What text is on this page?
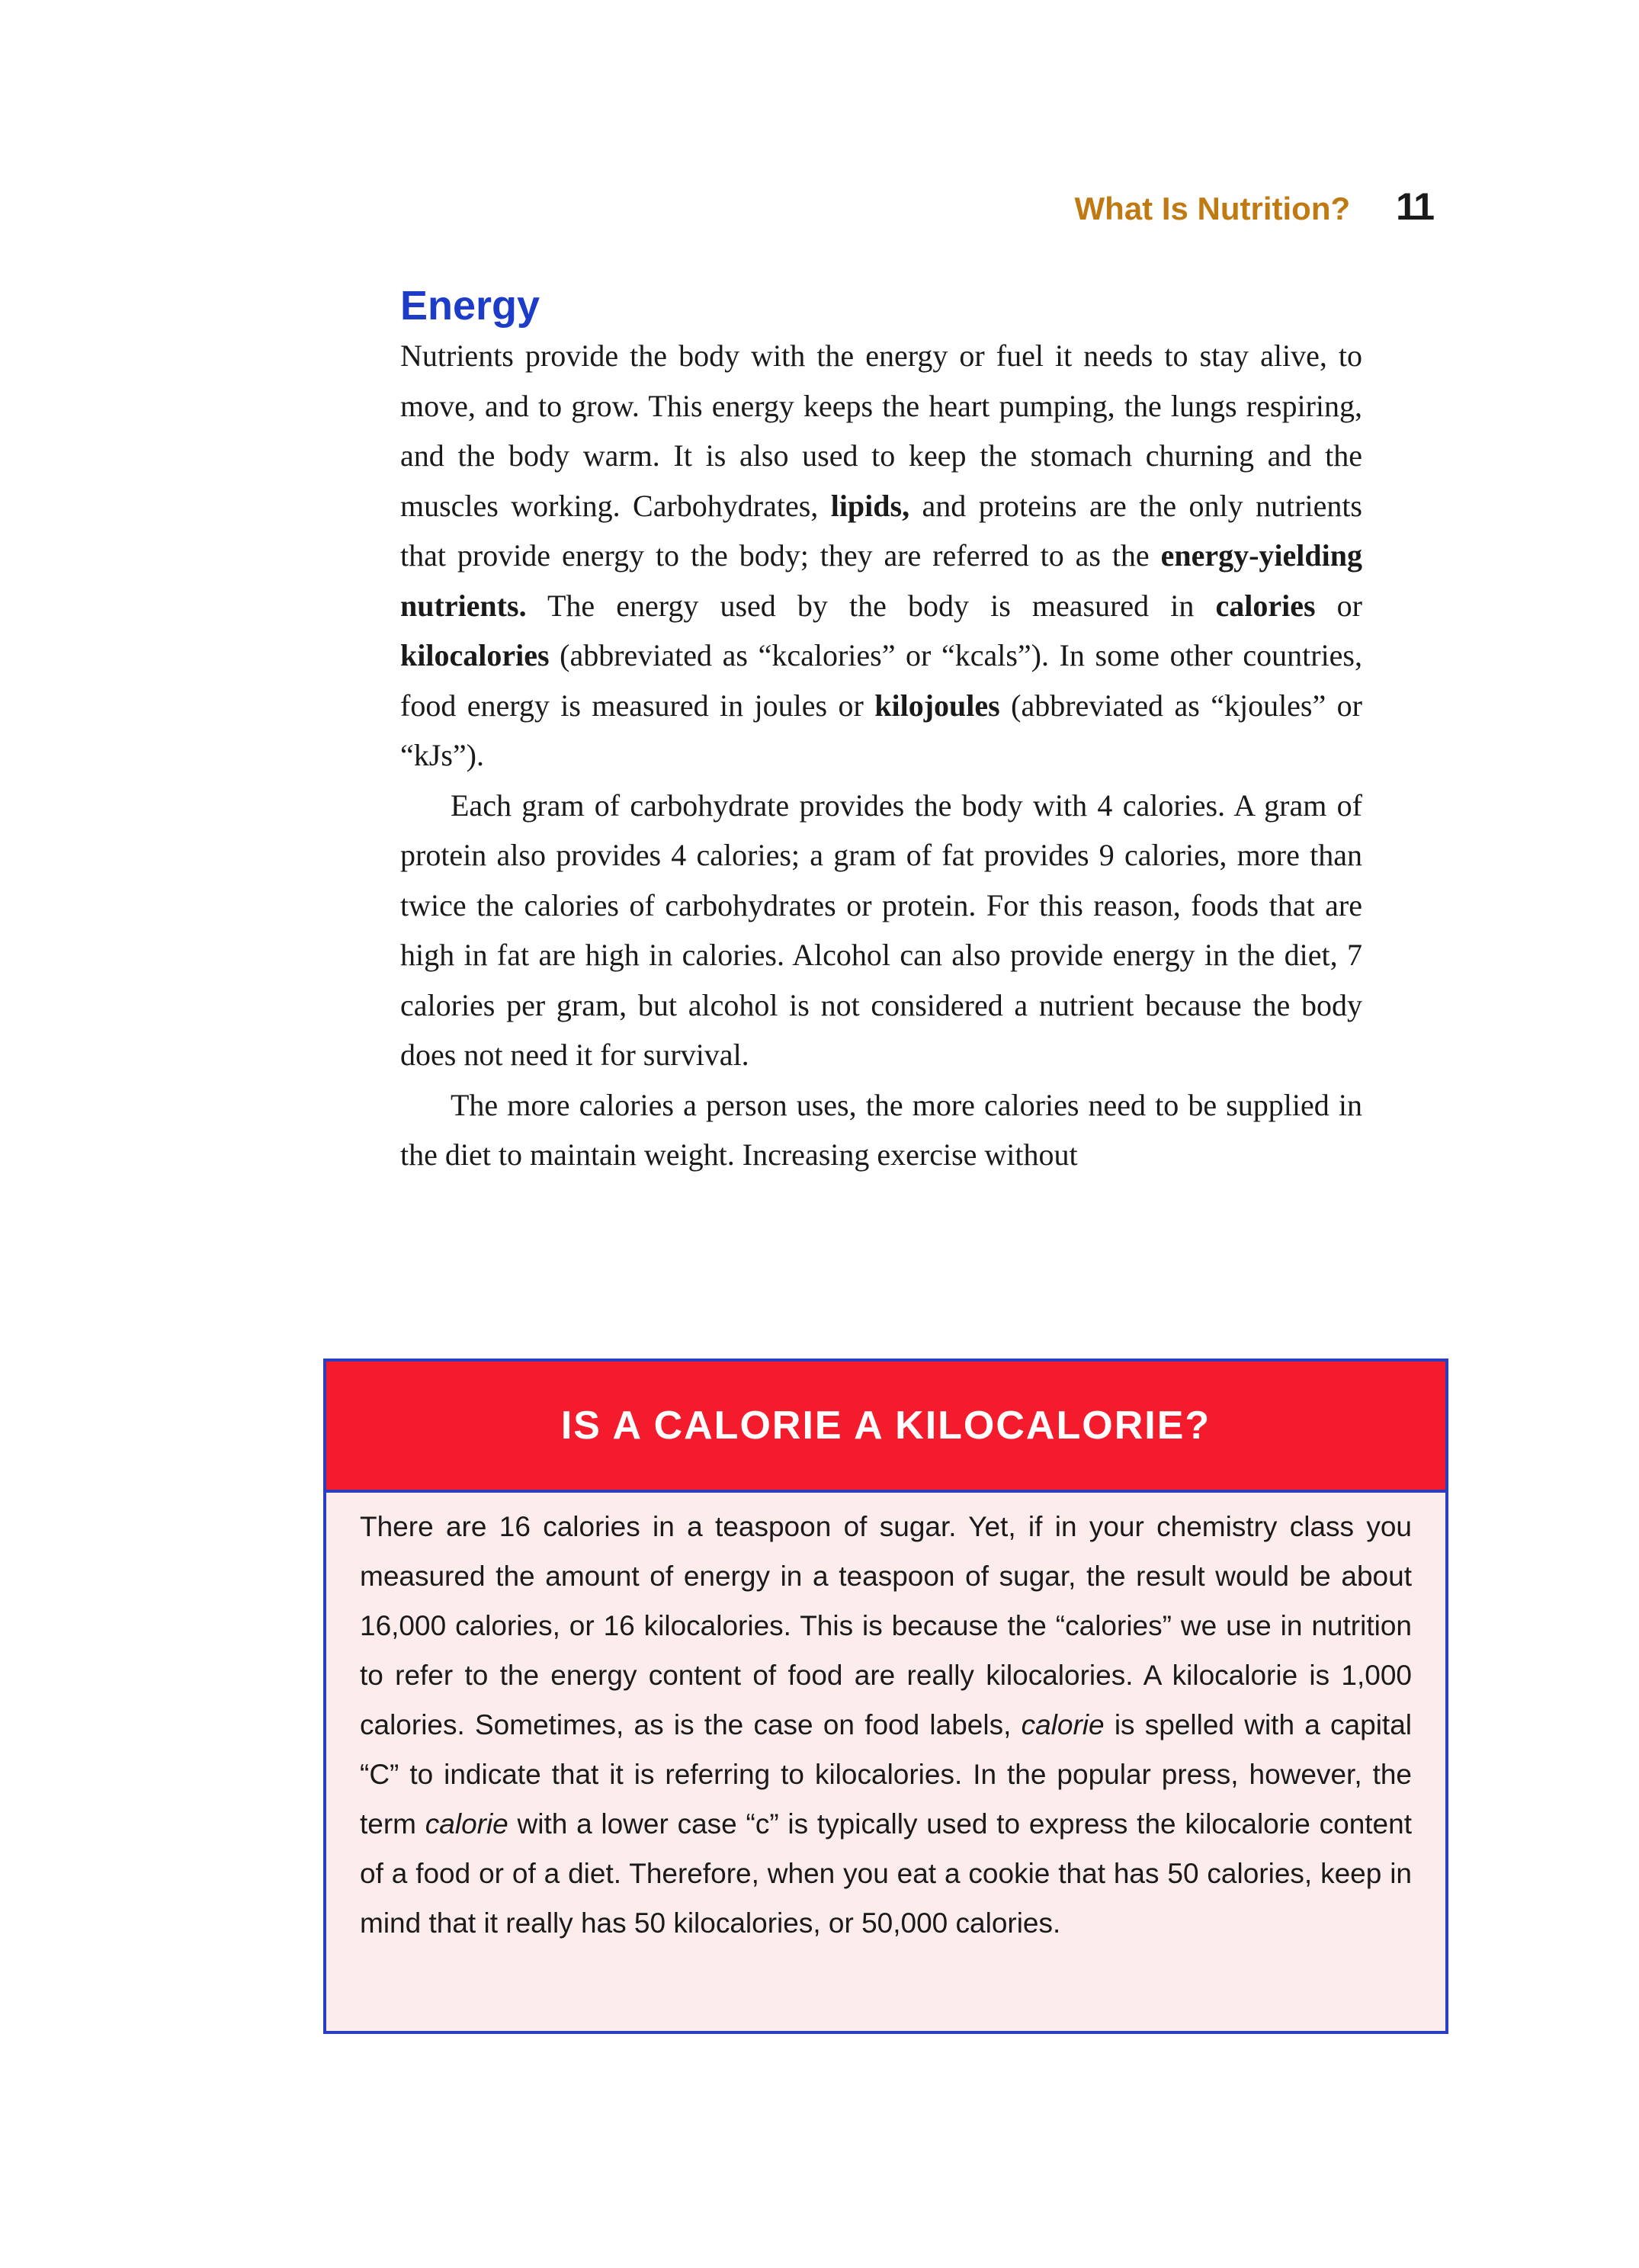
What Is Nutrition? 11
Energy

Nutrients provide the body with the energy or fuel it needs to stay alive, to move, and to grow. This energy keeps the heart pumping, the lungs respiring, and the body warm. It is also used to keep the stomach churning and the muscles working. Carbohydrates, lipids, and proteins are the only nutrients that provide energy to the body; they are referred to as the energy-yielding nutrients. The energy used by the body is measured in calories or kilocalories (abbreviated as “kcalories” or “kcals”). In some other countries, food energy is measured in joules or kilojoules (abbreviated as “kjoules” or “kJs”).

Each gram of carbohydrate provides the body with 4 calories. A gram of protein also provides 4 calories; a gram of fat provides 9 calories, more than twice the calories of carbohydrates or protein. For this reason, foods that are high in fat are high in calories. Alcohol can also provide energy in the diet, 7 calories per gram, but alcohol is not considered a nutrient because the body does not need it for survival.

The more calories a person uses, the more calories need to be supplied in the diet to maintain weight. Increasing exercise without

IS A CALORIE A KILOCALORIE?
There are 16 calories in a teaspoon of sugar. Yet, if in your chemistry class you measured the amount of energy in a teaspoon of sugar, the result would be about 16,000 calories, or 16 kilocalories. This is because the “calories” we use in nutrition to refer to the energy content of food are really kilocalories. A kilocalorie is 1,000 calories. Sometimes, as is the case on food labels, calorie is spelled with a capital “C” to indicate that it is referring to kilocalories. In the popular press, however, the term calorie with a lower case “c” is typically used to express the kilocalorie content of a food or of a diet. Therefore, when you eat a cookie that has 50 calories, keep in mind that it really has 50 kilocalories, or 50,000 calories.
